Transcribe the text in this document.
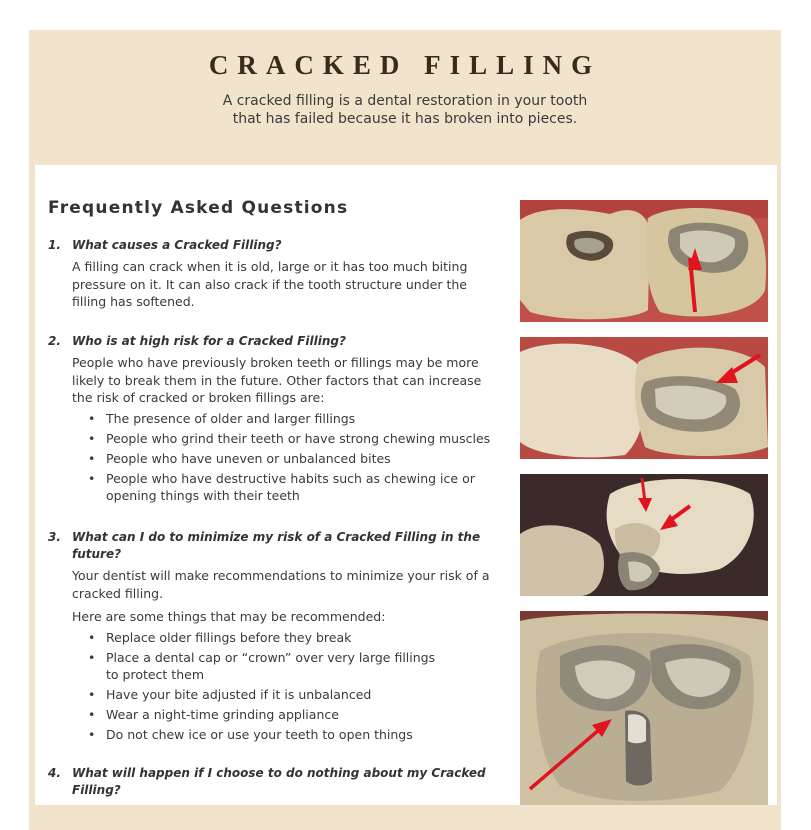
CRACKED FILLING
A cracked filling is a dental restoration in your tooth
that has failed because it has broken into pieces.
Frequently Asked Questions
1. What causes a Cracked Filling?
A filling can crack when it is old, large or it has too much biting pressure on it. It can also crack if the tooth structure under the filling has softened.
2. Who is at high risk for a Cracked Filling?
People who have previously broken teeth or fillings may be more likely to break them in the future. Other factors that can increase the risk of cracked or broken fillings are:
• The presence of older and larger fillings
• People who grind their teeth or have strong chewing muscles
• People who have uneven or unbalanced bites
• People who have destructive habits such as chewing ice or opening things with their teeth
3. What can I do to minimize my risk of a Cracked Filling in the future?
Your dentist will make recommendations to minimize your risk of a cracked filling.
Here are some things that may be recommended:
• Replace older fillings before they break
• Place a dental cap or “crown” over very large fillings to protect them
• Have your bite adjusted if it is unbalanced
• Wear a night-time grinding appliance
• Do not chew ice or use your teeth to open things
4. What will happen if I choose to do nothing about my Cracked Filling?
